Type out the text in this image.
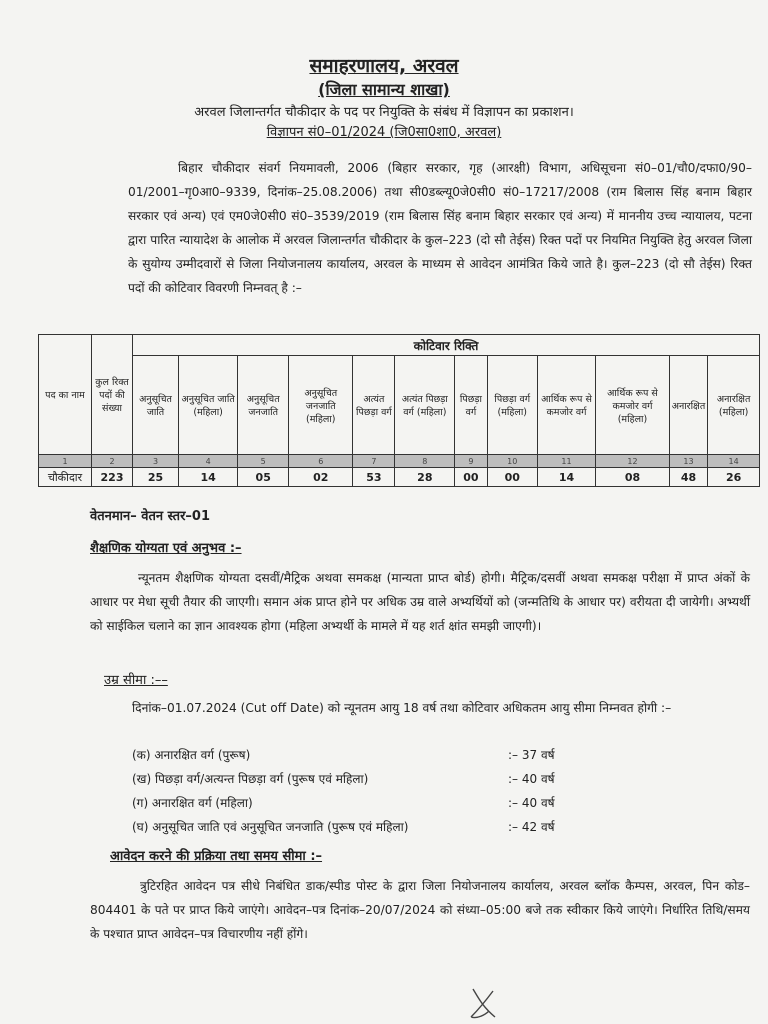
समाहरणालय, अरवल
(जिला सामान्य शाखा)
अरवल जिलान्तर्गत चौकीदार के पद पर नियुक्ति के संबंध में विज्ञापन का प्रकाशन।
विज्ञापन सं0–01/2024 (जि0सा0शा0, अरवल)
बिहार चौकीदार संवर्ग नियमावली, 2006 (बिहार सरकार, गृह (आरक्षी) विभाग, अधिसूचना सं0–01/चौ0/दफा0/90–01/2001–गृ0आ0–9339, दिनांक–25.08.2006) तथा सी0डब्ल्यू0जे0सी0 सं0–17217/2008 (राम बिलास सिंह बनाम बिहार सरकार एवं अन्य) एवं एम0जे0सी0 सं0–3539/2019 (राम बिलास सिंह बनाम बिहार सरकार एवं अन्य) में माननीय उच्च न्यायालय, पटना द्वारा पारित न्यायादेश के आलोक में अरवल जिलान्तर्गत चौकीदार के कुल–223 (दो सौ तेईस) रिक्त पदों पर नियमित नियुक्ति हेतु अरवल जिला के सुयोग्य उम्मीदवारों से जिला नियोजनालय कार्यालय, अरवल के माध्यम से आवेदन आमंत्रित किये जाते है। कुल–223 (दो सौ तेईस) रिक्त पदों की कोटिवार विवरणी निम्नवत् है :–
पद का नाम	कुल रिक्त पदों की संख्या	कोटिवार रिक्ति											
		अनुसूचित जाति	अनुसूचित जाति (महिला)	अनुसूचित जनजाति	अनुसूचित जनजाति (महिला)	अत्यंत पिछड़ा वर्ग	अत्यंत पिछड़ा वर्ग (महिला)	पिछड़ा वर्ग	पिछड़ा वर्ग (महिला)	आर्थिक रूप से कमजोर वर्ग	आर्थिक रूप से कमजोर वर्ग (महिला)	अनारक्षित	अनारक्षित (महिला)
1	2	3	4	5	6	7	8	9	10	11	12	13	14
चौकीदार	223	25	14	05	02	53	28	00	00	14	08	48	26
वेतनमान– वेतन स्तर–01
शैक्षणिक योग्यता एवं अनुभव :–
न्यूनतम शैक्षणिक योग्यता दसवीं/मैट्रिक अथवा समकक्ष (मान्यता प्राप्त बोर्ड) होगी। मैट्रिक/दसवीं अथवा समकक्ष परीक्षा में प्राप्त अंकों के आधार पर मेधा सूची तैयार की जाएगी। समान अंक प्राप्त होने पर अधिक उम्र वाले अभ्यर्थियों को (जन्मतिथि के आधार पर) वरीयता दी जायेगी। अभ्यर्थी को साईकिल चलाने का ज्ञान आवश्यक होगा (महिला अभ्यर्थी के मामले में यह शर्त क्षांत समझी जाएगी)।
उम्र सीमा :––
दिनांक–01.07.2024 (Cut off Date) को न्यूनतम आयु 18 वर्ष तथा कोटिवार अधिकतम आयु सीमा निम्नवत होगी :–
(क) अनारक्षित वर्ग (पुरूष)	:– 37 वर्ष
(ख) पिछड़ा वर्ग/अत्यन्त पिछड़ा वर्ग (पुरूष एवं महिला)	:– 40 वर्ष
(ग) अनारक्षित वर्ग (महिला)	:– 40 वर्ष
(घ) अनुसूचित जाति एवं अनुसूचित जनजाति (पुरूष एवं महिला)	:– 42 वर्ष
आवेदन करने की प्रक्रिया तथा समय सीमा :–
त्रुटिरहित आवेदन पत्र सीधे निबंधित डाक/स्पीड पोस्ट के द्वारा जिला नियोजनालय कार्यालय, अरवल ब्लॉक कैम्पस, अरवल, पिन कोड–804401 के पते पर प्राप्त किये जाएंगे। आवेदन–पत्र दिनांक–20/07/2024 को संध्या–05:00 बजे तक स्वीकार किये जाएंगे। निर्धारित तिथि/समय के पश्चात प्राप्त आवेदन–पत्र विचारणीय नहीं होंगे।
